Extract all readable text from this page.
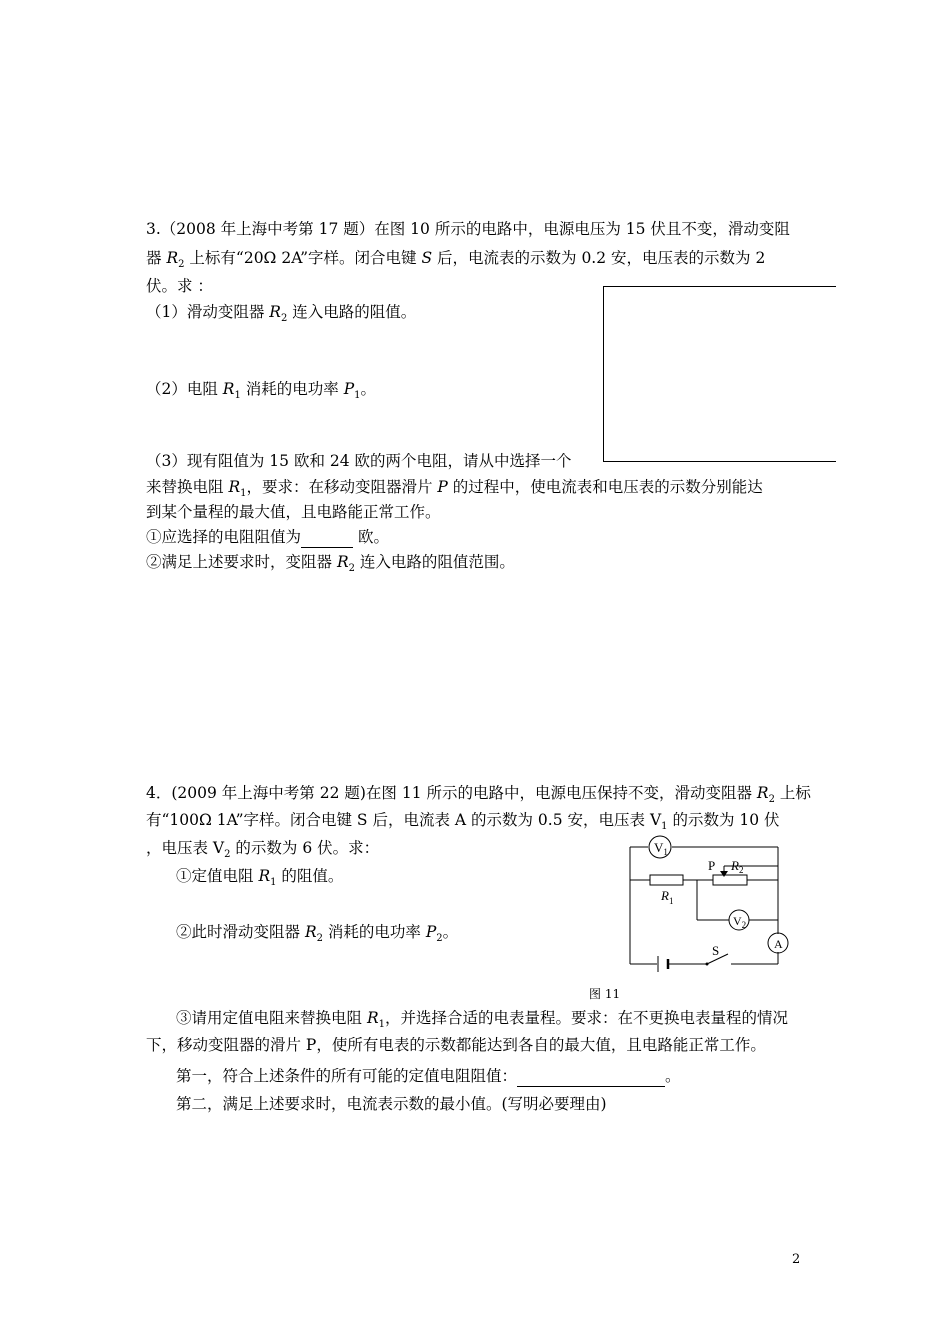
3.（2008 年上海中考第 17 题）在图 10 所示的电路中，电源电压为 15 伏且不变，滑动变阻
器 $R_2$ 上标有“20Ω 2A”字样。闭合电键 S 后，电流表的示数为 0.2 安，电压表的示数为 2
伏。求 ：
（1）滑动变阻器 $R_2$ 连入电路的阻值。
（2）电阻 $R_1$ 消耗的电功率 $P_1$。
（3）现有阻值为 15 欧和 24 欧的两个电阻，请从中选择一个
来替换电阻 $R_1$，要求：在移动变阻器滑片 P 的过程中，使电流表和电压表的示数分别能达
到某个量程的最大值，且电路能正常工作。
①应选择的电阻阻值为	欧。
②满足上述要求时，变阻器 $R_2$ 连入电路的阻值范围。
4．(2009 年上海中考第 22 题)在图 11 所示的电路中，电源电压保持不变，滑动变阻器 $R_2$ 上标
有“100Ω 1A”字样。闭合电键 S 后，电流表 A 的示数为 0.5 安，电压表 $V_1$ 的示数为 10 伏
，电压表 $V_2$ 的示数为 6 伏。求：
①定值电阻 $R_1$ 的阻值。
②此时滑动变阻器 $R_2$ 消耗的电功率 $P_2$。
③请用定值电阻来替换电阻 $R_1$，并选择合适的电表量程。要求：在不更换电表量程的情况
下，移动变阻器的滑片 P，使所有电表的示数都能达到各自的最大值，且电路能正常工作。
第一，符合上述条件的所有可能的定值电阻阻值：	。
第二，满足上述要求时，电流表示数的最小值。(写明必要理由)
$V_1$
$V_2$
A
P $R_2$
$R_1$
S
图 11
2
